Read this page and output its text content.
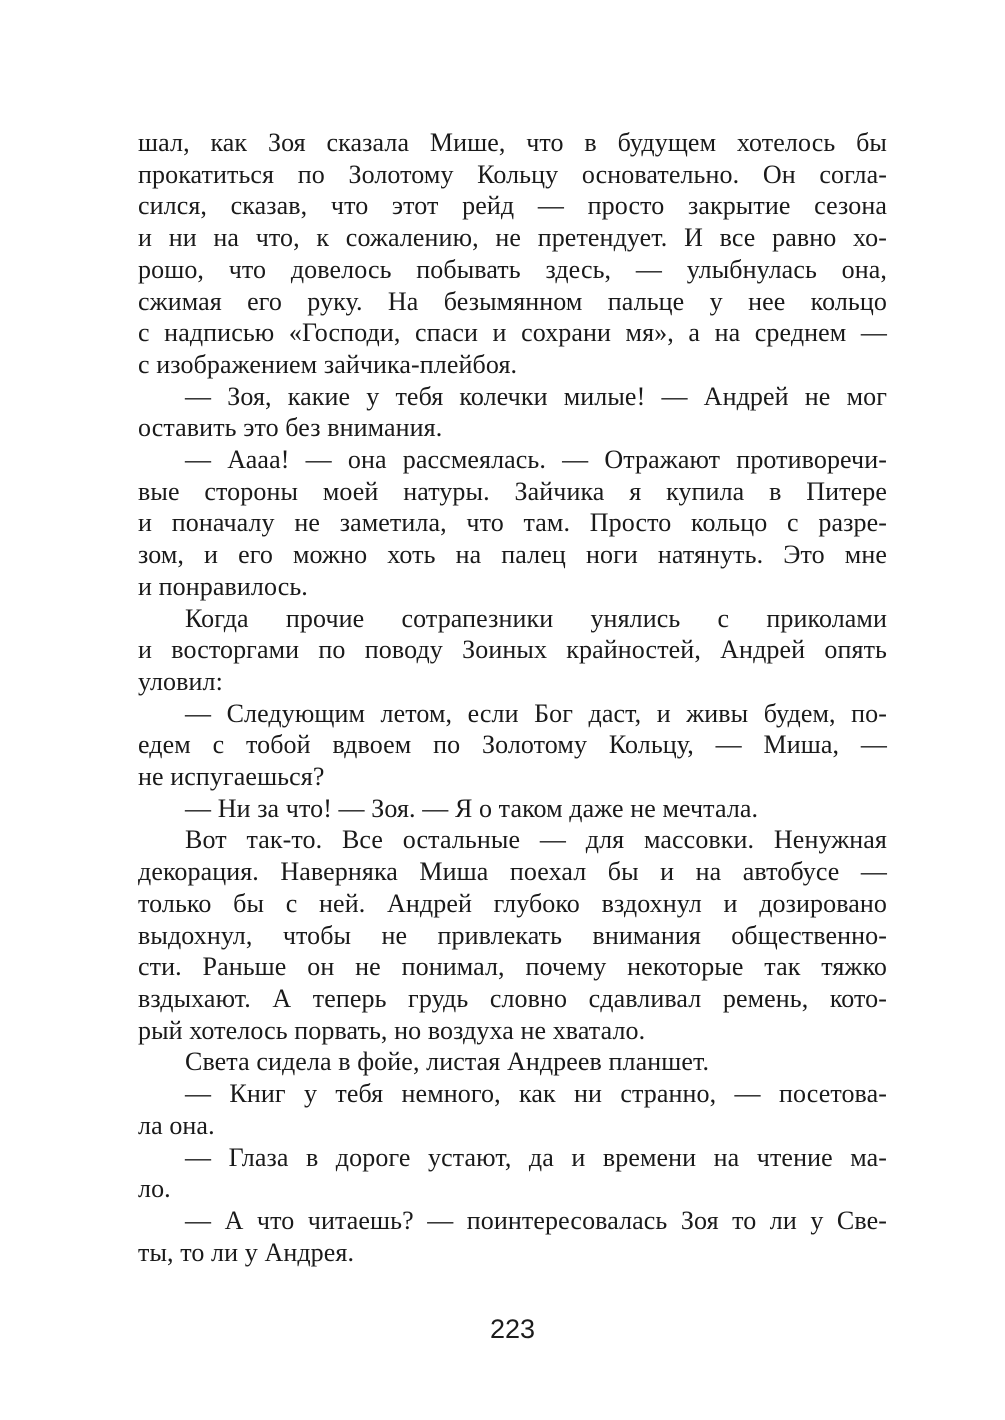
шал, как Зоя сказала Мише, что в будущем хотелось бы
прокатиться по Золотому Кольцу основательно. Он согла-
сился, сказав, что этот рейд — просто закрытие сезона
и ни на что, к сожалению, не претендует. И все равно хо-
рошо, что довелось побывать здесь, — улыбнулась она,
сжимая его руку. На безымянном пальце у нее кольцо
с надписью «Господи, спаси и сохрани мя», а на среднем —
с изображением зайчика-плейбоя.
— Зоя, какие у тебя колечки милые! — Андрей не мог
оставить это без внимания.
— Аааа! — она рассмеялась. — Отражают противоречи-
вые стороны моей натуры. Зайчика я купила в Питере
и поначалу не заметила, что там. Просто кольцо с разре-
зом, и его можно хоть на палец ноги натянуть. Это мне
и понравилось.
Когда прочие сотрапезники унялись с приколами
и восторгами по поводу Зоиных крайностей, Андрей опять
уловил:
— Следующим летом, если Бог даст, и живы будем, по-
едем с тобой вдвоем по Золотому Кольцу, — Миша, —
не испугаешься?
— Ни за что! — Зоя. — Я о таком даже не мечтала.
Вот так-то. Все остальные — для массовки. Ненужная
декорация. Наверняка Миша поехал бы и на автобусе —
только бы с ней. Андрей глубоко вздохнул и дозировано
выдохнул, чтобы не привлекать внимания общественно-
сти. Раньше он не понимал, почему некоторые так тяжко
вздыхают. А теперь грудь словно сдавливал ремень, кото-
рый хотелось порвать, но воздуха не хватало.
Света сидела в фойе, листая Андреев планшет.
— Книг у тебя немного, как ни странно, — посетова-
ла она.
— Глаза в дороге устают, да и времени на чтение ма-
ло.
— А что читаешь? — поинтересовалась Зоя то ли у Све-
ты, то ли у Андрея.
223
